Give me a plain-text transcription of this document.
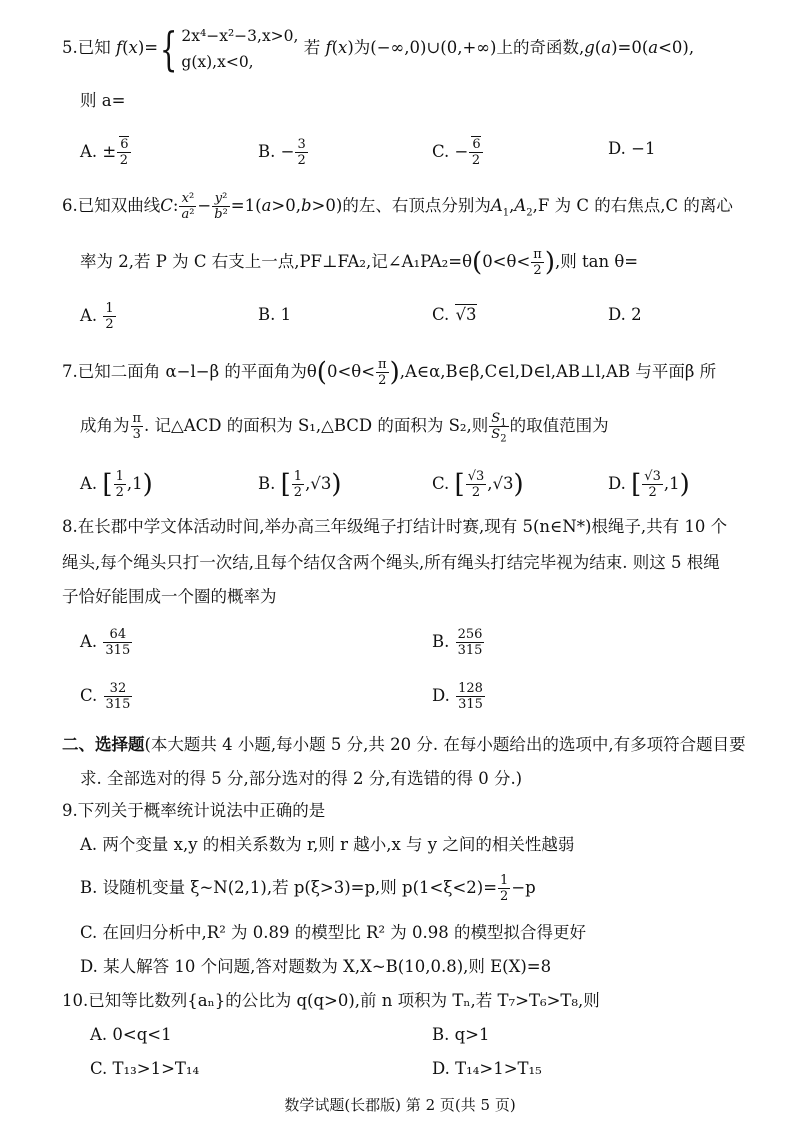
5.已知 f(x)={ 2x⁴−x²−3,x>0,
g(x),x<0,
若 f(x)为(−∞,0)∪(0,+∞)上的奇函数,g(a)=0(a<0),
则 a=
A. ± $\frac{6}{2}$	B. − $\frac{3}{2}$	C. − $\frac{6}{2}$	D. −1
6.已知双曲线C: $\frac{\text{x²}}{\text{a²}} - \frac{\text{y²}}{\text{b²}} =1(a>0,b>0)$的左、右顶点分别为$A_1,A_2,F$ 为 C 的右焦点,C 的离心
率为 2,若 P 为 C 右支上一点,PF⊥FA₂,记∠A₁PA₂=θ(0<θ< $\frac{\pi}{2}$ ),则 tan θ=
A. $\frac{1}{2}$	B. 1	C. √3	D. 2
7.已知二面角 α−l−β 的平面角为$\theta(0<\theta< \frac{\pi}{2}$ ),A∈α,B∈β,C∈l,D∈l,AB⊥l,AB 与平面β 所
成角为 $\frac{\pi}{3}$ . 记△ACD 的面积为 S₁,△BCD 的面积为 S₂,则 $\frac{S_1}{S_2}$ 的取值范围为
A. [ $\frac{1}{2} ,1$)	B. [ $\frac{1}{2} ,√3$)	C. [ $\frac{√3}{2} ,√3$)	D. [ $\frac{√3}{2} ,1$)
8.在长郡中学文体活动时间,举办高三年级绳子打结计时赛,现有 5(n∈N*)根绳子,共有 10 个
绳头,每个绳头只打一次结,且每个结仅含两个绳头,所有绳头打结完毕视为结束. 则这 5 根绳
子恰好能围成一个圈的概率为
A. $\frac{64}{315}$	B. $\frac{256}{315}$
C. $\frac{32}{315}$	D. $\frac{128}{315}$
二、选择题(本大题共 4 小题,每小题 5 分,共 20 分. 在每小题给出的选项中,有多项符合题目要
求. 全部选对的得 5 分,部分选对的得 2 分,有选错的得 0 分.)
9.下列关于概率统计说法中正确的是
A. 两个变量 x,y 的相关系数为 r,则 r 越小,x 与 y 之间的相关性越弱
B. 设随机变量 ξ~N(2,1),若 p(ξ>3)=p,则 $p(1<\xi<2)= \frac{1}{2} -p$
C. 在回归分析中,R² 为 0.89 的模型比 R² 为 0.98 的模型拟合得更好
D. 某人解答 10 个问题,答对题数为 X,X~B(10,0.8),则 E(X)=8
10.已知等比数列{aₙ}的公比为 q(q>0),前 n 项积为 Tₙ,若 T₇>T₆>T₈,则
A. 0<q<1	B. q>1
C. T₁₃>1>T₁₄	D. T₁₄>1>T₁₅
数学试题(长郡版) 第 2 页(共 5 页)
